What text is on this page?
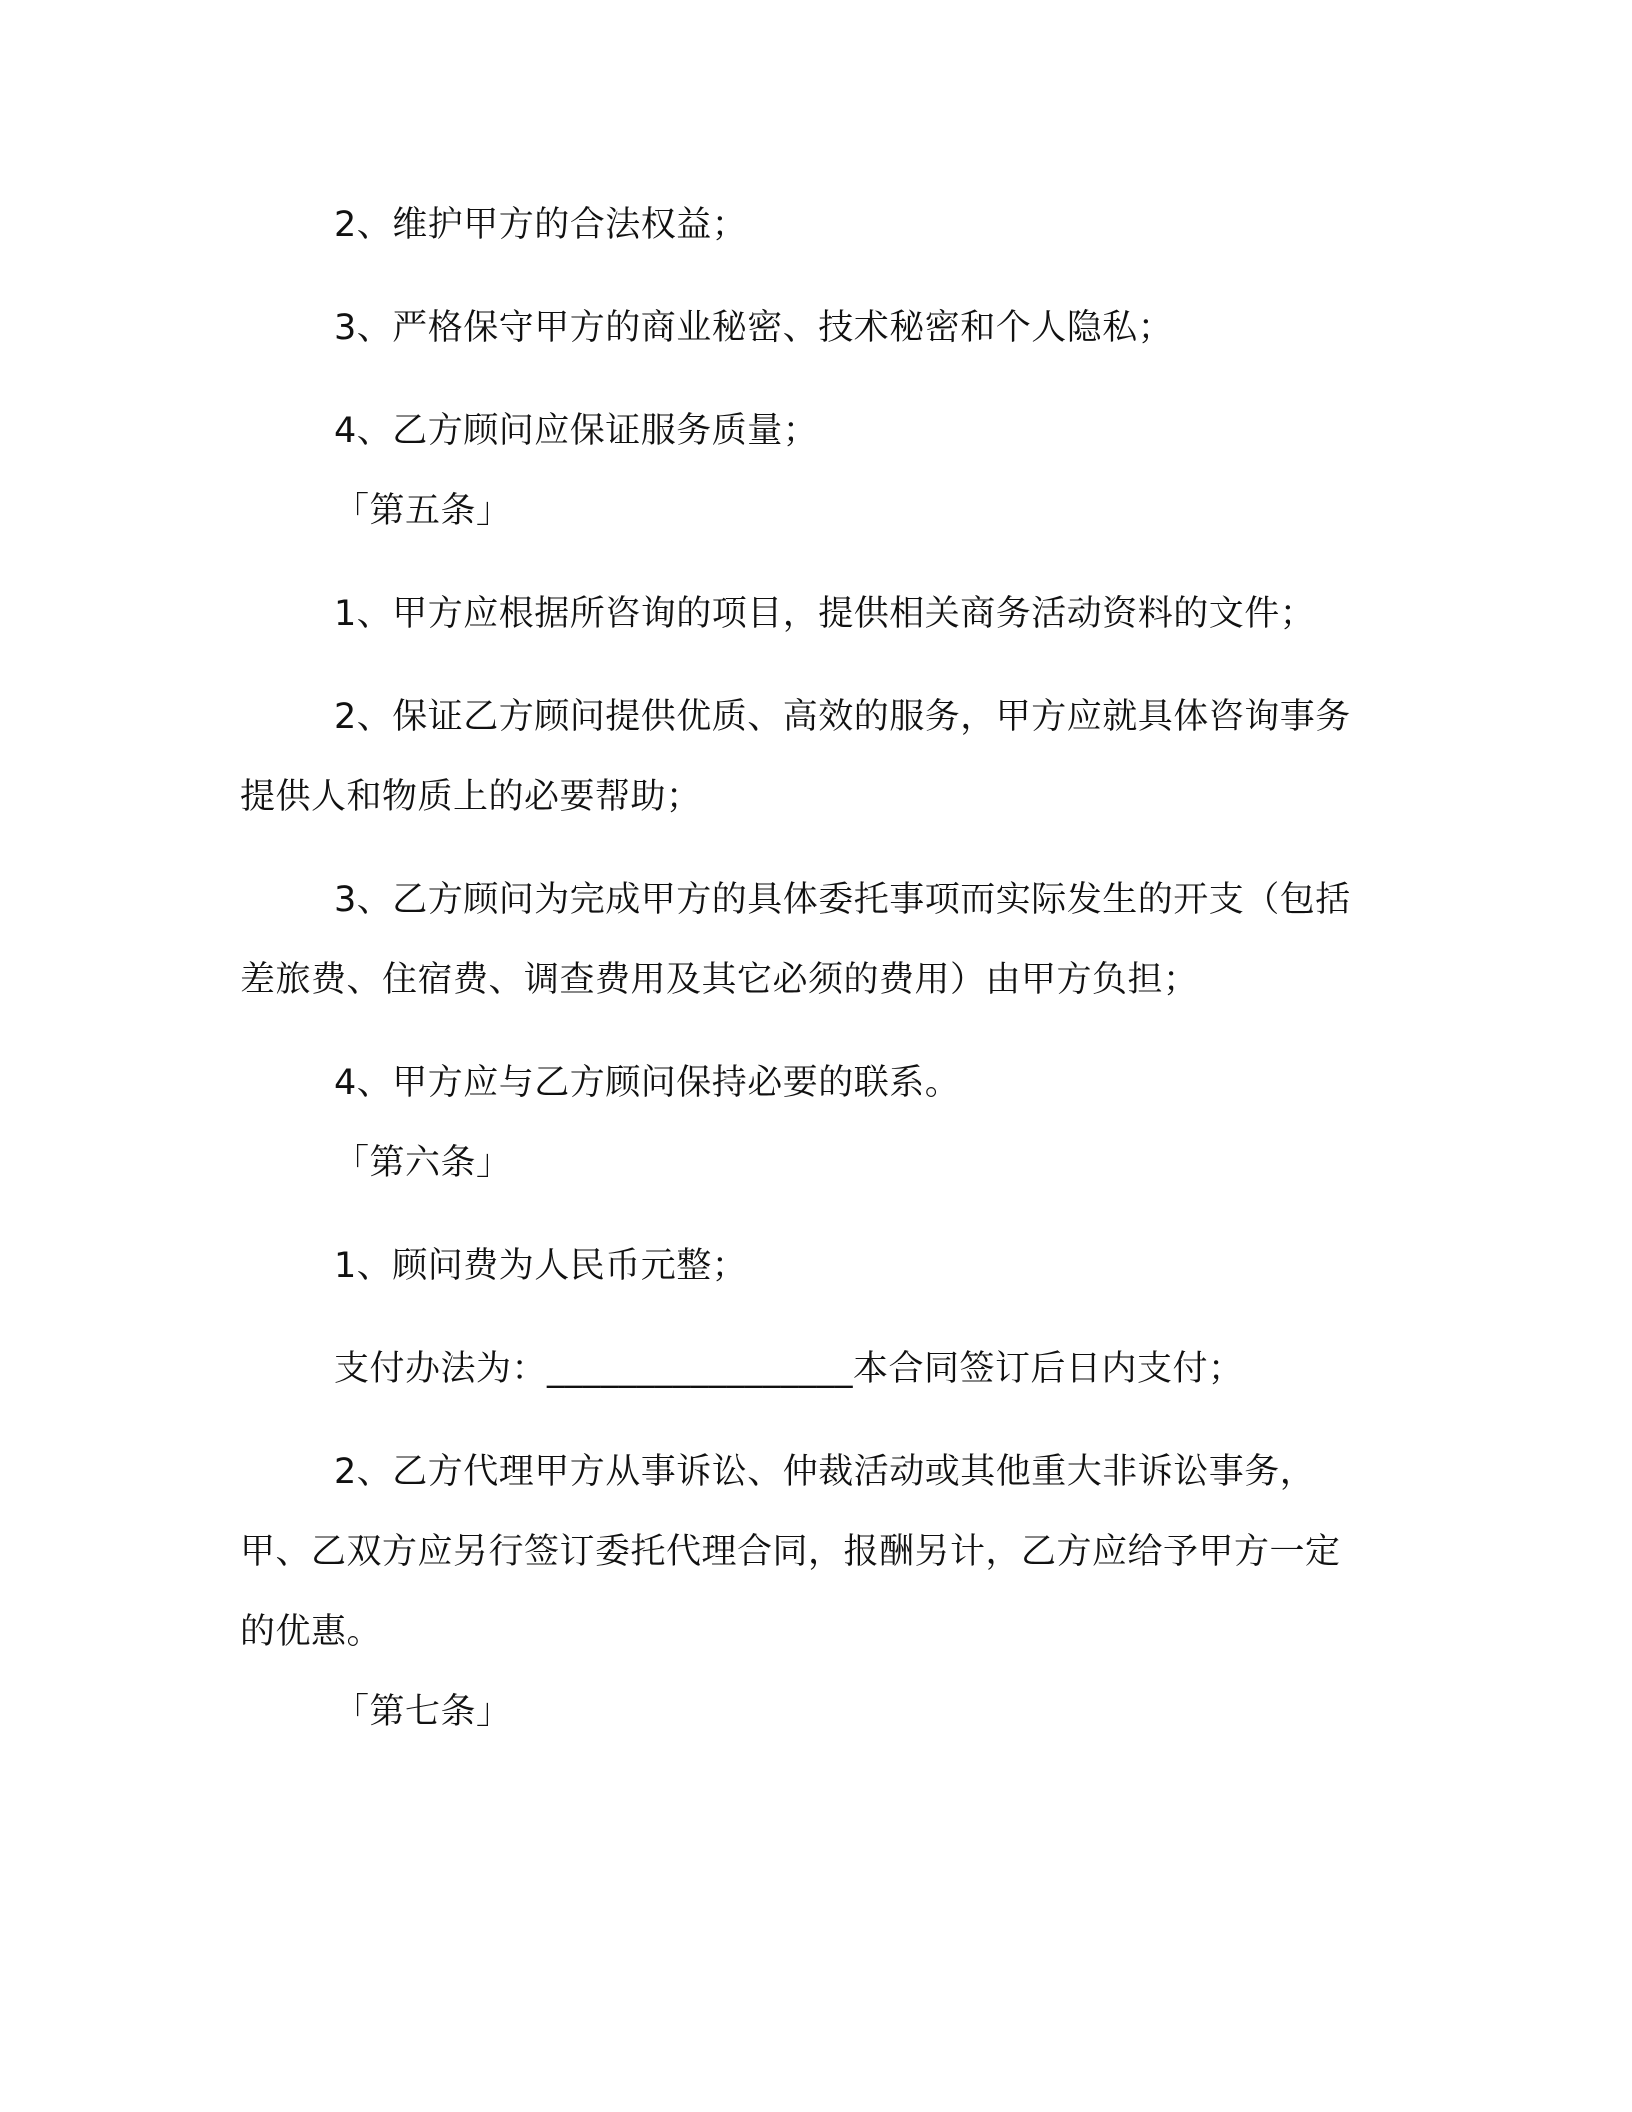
2、维护甲方的合法权益；

3、严格保守甲方的商业秘密、技术秘密和个人隐私；

4、乙方顾问应保证服务质量；

「第五条」

1、甲方应根据所咨询的项目，提供相关商务活动资料的文件；

2、保证乙方顾问提供优质、高效的服务，甲方应就具体咨询事务提供人和物质上的必要帮助；

3、乙方顾问为完成甲方的具体委托事项而实际发生的开支（包括差旅费、住宿费、调查费用及其它必须的费用）由甲方负担；

4、甲方应与乙方顾问保持必要的联系。

「第六条」

1、顾问费为人民币元整；

支付办法为：_________________本合同签订后日内支付；

2、乙方代理甲方从事诉讼、仲裁活动或其他重大非诉讼事务，甲、乙双方应另行签订委托代理合同，报酬另计，乙方应给予甲方一定的优惠。

「第七条」
